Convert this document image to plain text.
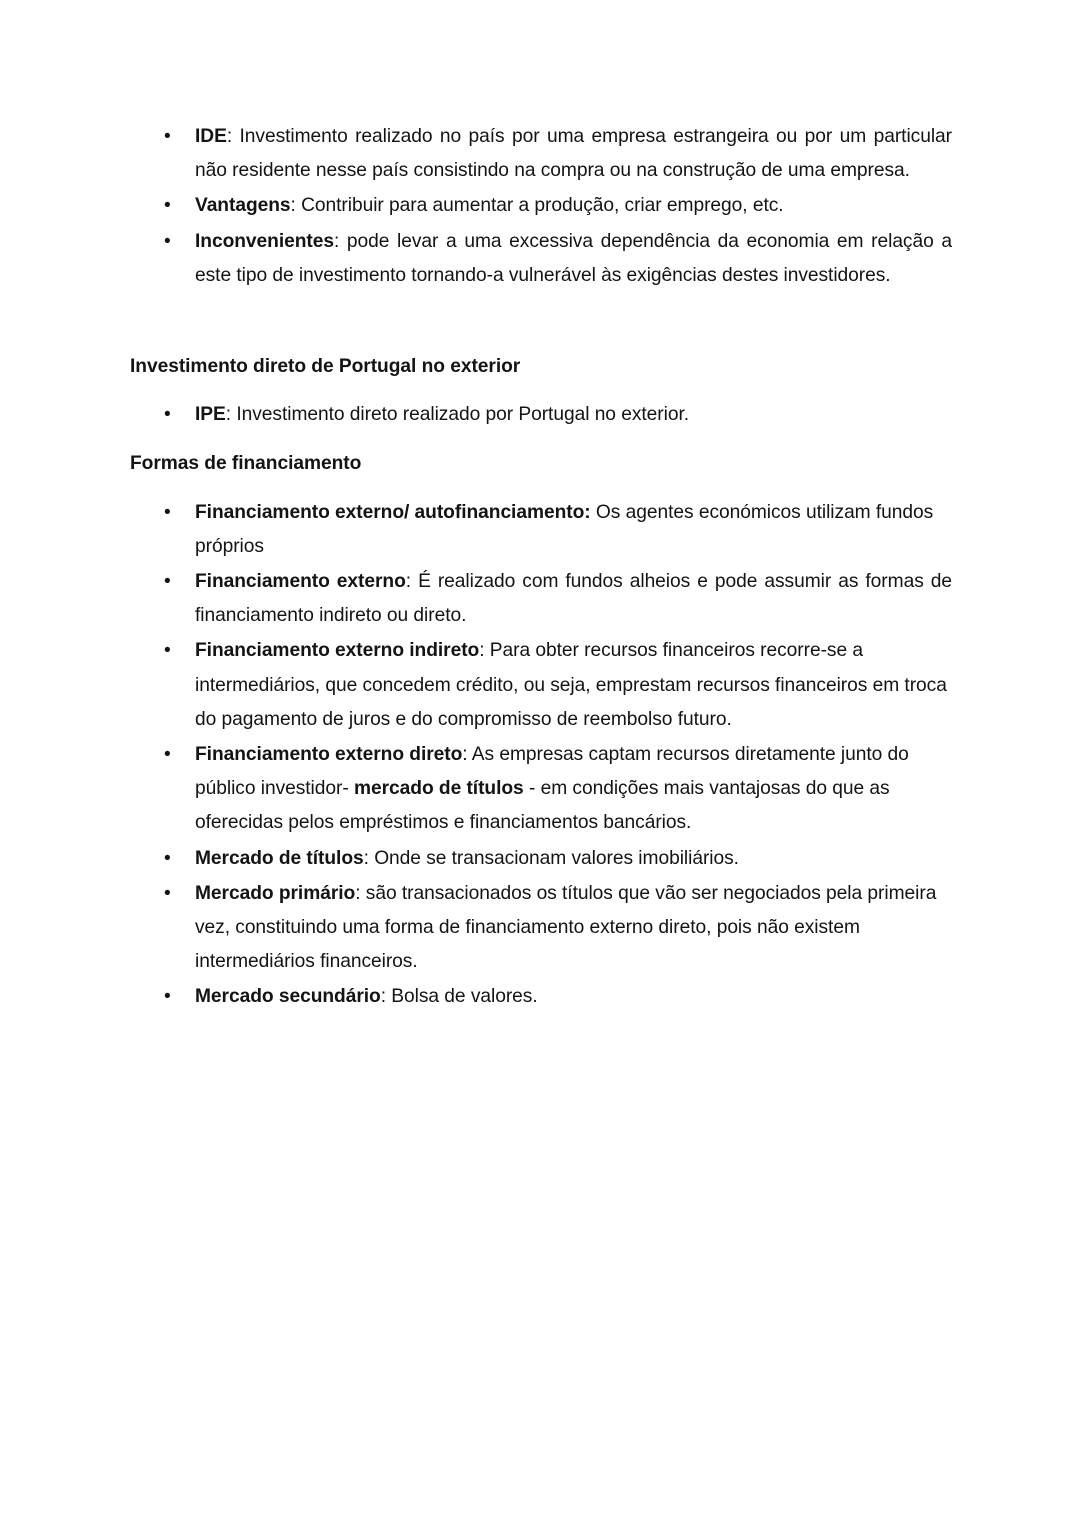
• IDE: Investimento realizado no país por uma empresa estrangeira ou por um particular não residente nesse país consistindo na compra ou na construção de uma empresa.
• Vantagens: Contribuir para aumentar a produção, criar emprego, etc.
• Inconvenientes: pode levar a uma excessiva dependência da economia em relação a este tipo de investimento tornando-a vulnerável às exigências destes investidores.
Investimento direto de Portugal no exterior
• IPE: Investimento direto realizado por Portugal no exterior.
Formas de financiamento
• Financiamento externo/ autofinanciamento: Os agentes económicos utilizam fundos próprios
• Financiamento externo: É realizado com fundos alheios e pode assumir as formas de financiamento indireto ou direto.
• Financiamento externo indireto: Para obter recursos financeiros recorre-se a intermediários, que concedem crédito, ou seja, emprestam recursos financeiros em troca do pagamento de juros e do compromisso de reembolso futuro.
• Financiamento externo direto: As empresas captam recursos diretamente junto do público investidor- mercado de títulos - em condições mais vantajosas do que as oferecidas pelos empréstimos e financiamentos bancários.
• Mercado de títulos: Onde se transacionam valores imobiliários.
• Mercado primário: são transacionados os títulos que vão ser negociados pela primeira vez, constituindo uma forma de financiamento externo direto, pois não existem intermediários financeiros.
• Mercado secundário: Bolsa de valores.
